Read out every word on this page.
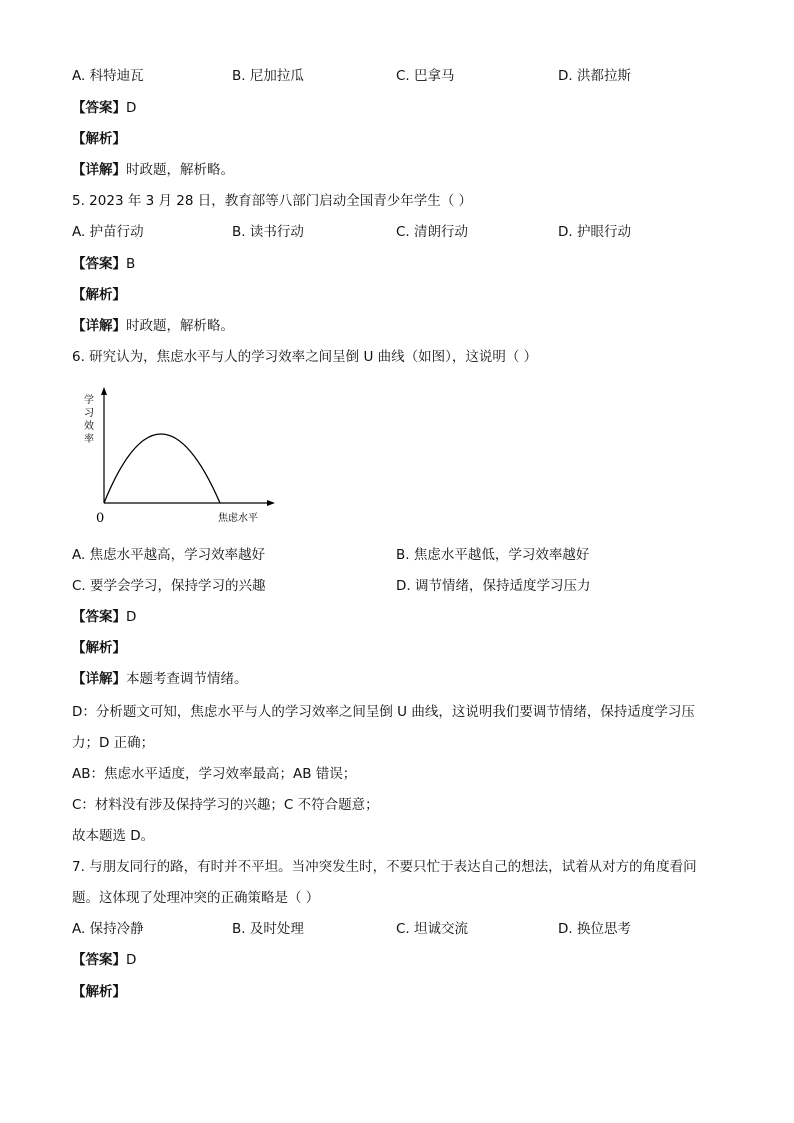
A. 科特迪瓦	B. 尼加拉瓜	C. 巴拿马	D. 洪都拉斯
【答案】D
【解析】
【详解】时政题，解析略。
5. 2023 年 3 月 28 日，教育部等八部门启动全国青少年学生（ ）
A. 护苗行动	B. 读书行动	C. 清朗行动	D. 护眼行动
【答案】B
【解析】
【详解】时政题，解析略。
6. 研究认为，焦虑水平与人的学习效率之间呈倒 U 曲线（如图），这说明（ ）
学
习
效
率
0	焦虑水平
A. 焦虑水平越高，学习效率越好	B. 焦虑水平越低，学习效率越好
C. 要学会学习，保持学习的兴趣	D. 调节情绪，保持适度学习压力
【答案】D
【解析】
【详解】本题考查调节情绪。
D：分析题文可知，焦虑水平与人的学习效率之间呈倒 U 曲线，这说明我们要调节情绪，保持适度学习压
力；D 正确；
AB：焦虑水平适度，学习效率最高；AB 错误；
C：材料没有涉及保持学习的兴趣；C 不符合题意；
故本题选 D。
7. 与朋友同行的路，有时并不平坦。当冲突发生时，不要只忙于表达自己的想法，试着从对方的角度看问
题。这体现了处理冲突的正确策略是（ ）
A. 保持冷静	B. 及时处理	C. 坦诚交流	D. 换位思考
【答案】D
【解析】
